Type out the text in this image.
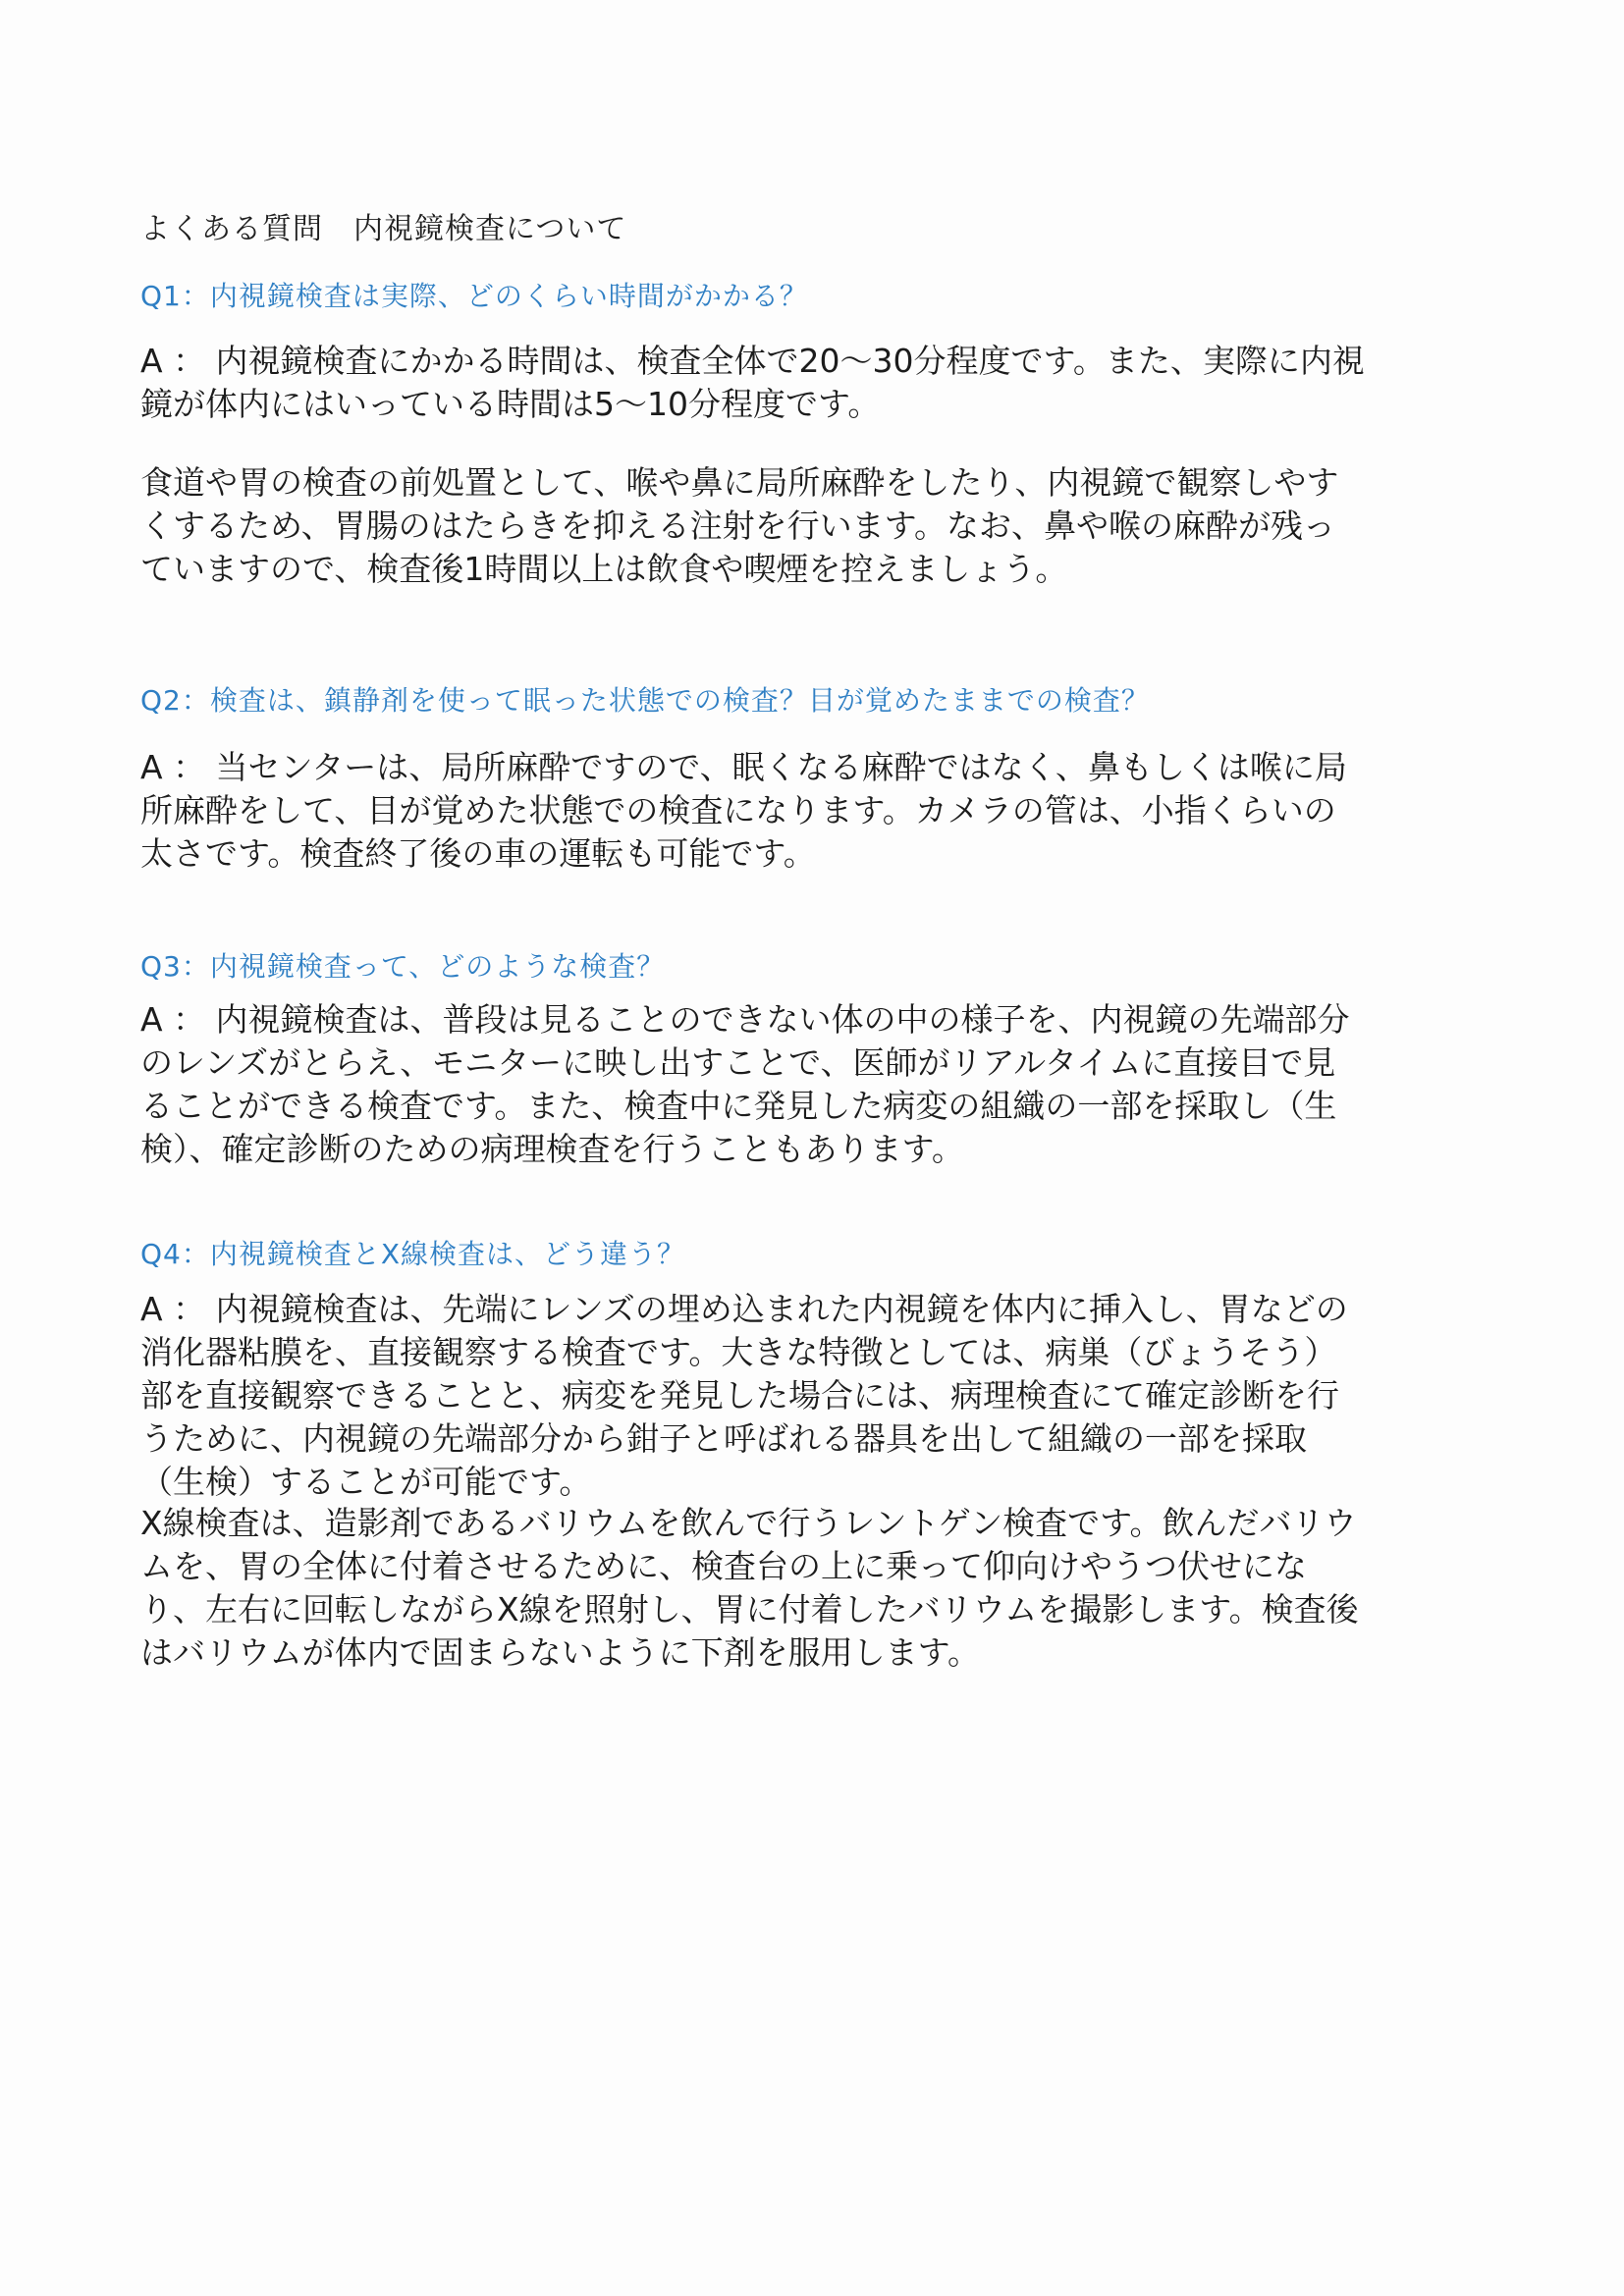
よくある質問　内視鏡検査について
Q1：内視鏡検査は実際、どのくらい時間がかかる？
A ： 内視鏡検査にかかる時間は、検査全体で20～30分程度です。また、実際に内視
鏡が体内にはいっている時間は5～10分程度です。
食道や胃の検査の前処置として、喉や鼻に局所麻酔をしたり、内視鏡で観察しやす
くするため、胃腸のはたらきを抑える注射を行います。なお、鼻や喉の麻酔が残っ
ていますので、検査後1時間以上は飲食や喫煙を控えましょう。
Q2：検査は、鎮静剤を使って眠った状態での検査？目が覚めたままでの検査？
A ： 当センターは、局所麻酔ですので、眠くなる麻酔ではなく、鼻もしくは喉に局
所麻酔をして、目が覚めた状態での検査になります。カメラの管は、小指くらいの
太さです。検査終了後の車の運転も可能です。
Q3：内視鏡検査って、どのような検査？
A ： 内視鏡検査は、普段は見ることのできない体の中の様子を、内視鏡の先端部分
のレンズがとらえ、モニターに映し出すことで、医師がリアルタイムに直接目で見
ることができる検査です。また、検査中に発見した病変の組織の一部を採取し（生
検）、確定診断のための病理検査を行うこともあります。
Q4：内視鏡検査とX線検査は、どう違う？
A ： 内視鏡検査は、先端にレンズの埋め込まれた内視鏡を体内に挿入し、胃などの
消化器粘膜を、直接観察する検査です。大きな特徴としては、病巣（びょうそう）
部を直接観察できることと、病変を発見した場合には、病理検査にて確定診断を行
うために、内視鏡の先端部分から鉗子と呼ばれる器具を出して組織の一部を採取
（生検）することが可能です。
X線検査は、造影剤であるバリウムを飲んで行うレントゲン検査です。飲んだバリウ
ムを、胃の全体に付着させるために、検査台の上に乗って仰向けやうつ伏せにな
り、左右に回転しながらX線を照射し、胃に付着したバリウムを撮影します。検査後
はバリウムが体内で固まらないように下剤を服用します。
